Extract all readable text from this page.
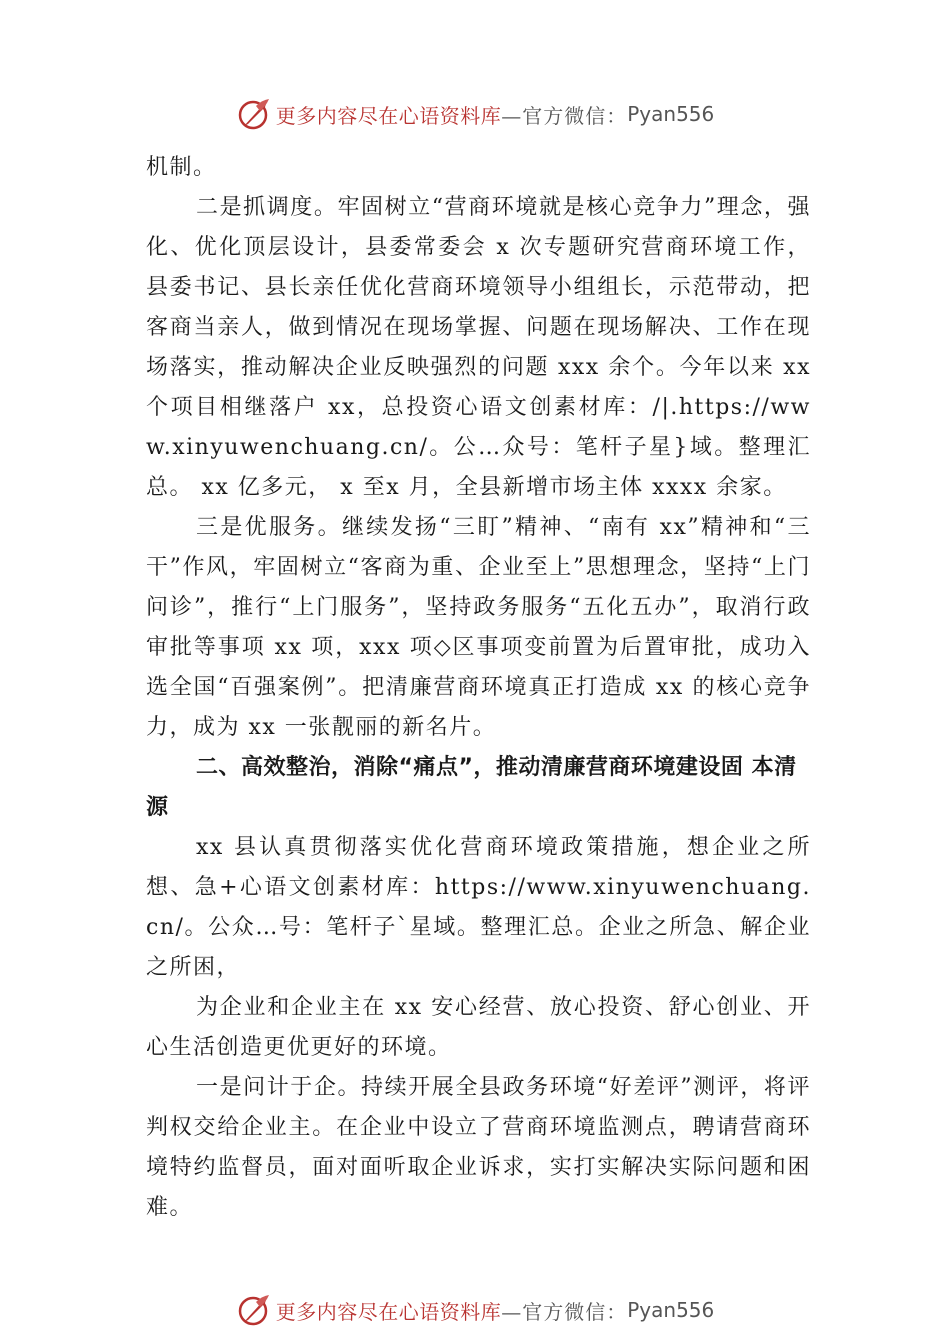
更多内容尽在心语资料库 —官方微信： Pyan556

机制。

二是抓调度。牢固树立“营商环境就是核心竞争力”理念，强化、优化顶层设计，县委常委会 x 次专题研究营商环境工作，县委书记、县长亲任优化营商环境领导小组组长，示范带动，把客商当亲人，做到情况在现场掌握、问题在现场解决、工作在现场落实，推动解决企业反映强烈的问题 xxx 余个。今年以来 xx 个项目相继落户 xx，总投资心语文创素材库：/|.https://www.xinyuwenchuang.cn/。公…众号：笔杆子星}域。整理汇总。 xx 亿多元， x 至x 月，全县新增市场主体 xxxx 余家。

三是优服务。继续发扬“三盯”精神、“南有 xx”精神和“三干”作风，牢固树立“客商为重、企业至上”思想理念，坚持“上门问诊”，推行“上门服务”，坚持政务服务“五化五办”，取消行政审批等事项 xx 项，xxx 项◇区事项变前置为后置审批，成功入选全国“百强案例”。把清廉营商环境真正打造成 xx 的核心竞争力，成为 xx 一张靓丽的新名片。

二、高效整治，消除“痛点”，推动清廉营商环境建设固 本清源

xx 县认真贯彻落实优化营商环境政策措施，想企业之所想、急+心语文创素材库：https://www.xinyuwenchuang.cn/。公众…号：笔杆子`星域。整理汇总。企业之所急、解企业之所困，

为企业和企业主在 xx 安心经营、放心投资、舒心创业、开心生活创造更优更好的环境。

一是问计于企。持续开展全县政务环境“好差评”测评，将评判权交给企业主。在企业中设立了营商环境监测点，聘请营商环境特约监督员，面对面听取企业诉求，实打实解决实际问题和困难。

更多内容尽在心语资料库 —官方微信： Pyan556
